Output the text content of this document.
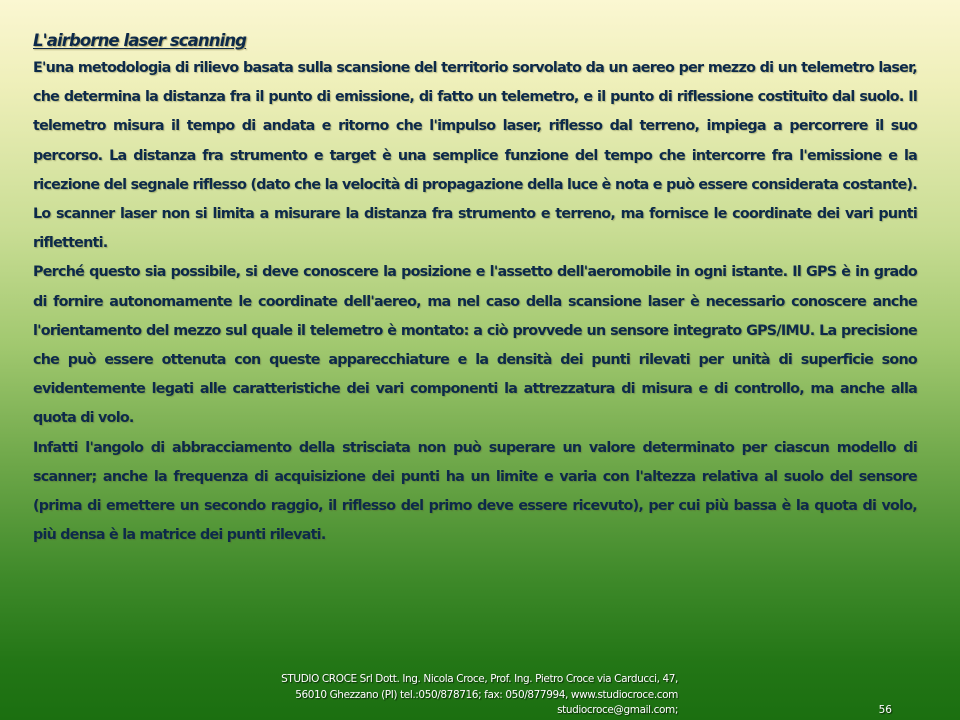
L'airborne laser scanning

E'una metodologia di rilievo basata sulla scansione del territorio sorvolato da un aereo per mezzo di un telemetro laser, che determina la distanza fra il punto di emissione, di fatto un telemetro, e il punto di riflessione costituito dal suolo. Il telemetro misura il tempo di andata e ritorno che l'impulso laser, riflesso dal terreno, impiega a percorrere il suo percorso. La distanza fra strumento e target è una semplice funzione del tempo che intercorre fra l'emissione e la ricezione del segnale riflesso (dato che la velocità di propagazione della luce è nota e può essere considerata costante). Lo scanner laser non si limita a misurare la distanza fra strumento e terreno, ma fornisce le coordinate dei vari punti riflettenti.

Perché questo sia possibile, si deve conoscere la posizione e l'assetto dell'aeromobile in ogni istante. Il GPS è in grado di fornire autonomamente le coordinate dell'aereo, ma nel caso della scansione laser è necessario conoscere anche l'orientamento del mezzo sul quale il telemetro è montato: a ciò provvede un sensore integrato GPS/IMU. La precisione che può essere ottenuta con queste apparecchiature e la densità dei punti rilevati per unità di superficie sono evidentemente legati alle caratteristiche dei vari componenti la attrezzatura di misura e di controllo, ma anche alla quota di volo.

Infatti l'angolo di abbracciamento della strisciata non può superare un valore determinato per ciascun modello di scanner; anche la frequenza di acquisizione dei punti ha un limite e varia con l'altezza relativa al suolo del sensore (prima di emettere un secondo raggio, il riflesso del primo deve essere ricevuto), per cui più bassa è la quota di volo, più densa è la matrice dei punti rilevati.

STUDIO CROCE Srl Dott. Ing. Nicola Croce, Prof. Ing. Pietro Croce via Carducci, 47,
56010 Ghezzano (PI) tel.:050/878716; fax: 050/877994, www.studiocroce.com
studiocroce@gmail.com;	56
